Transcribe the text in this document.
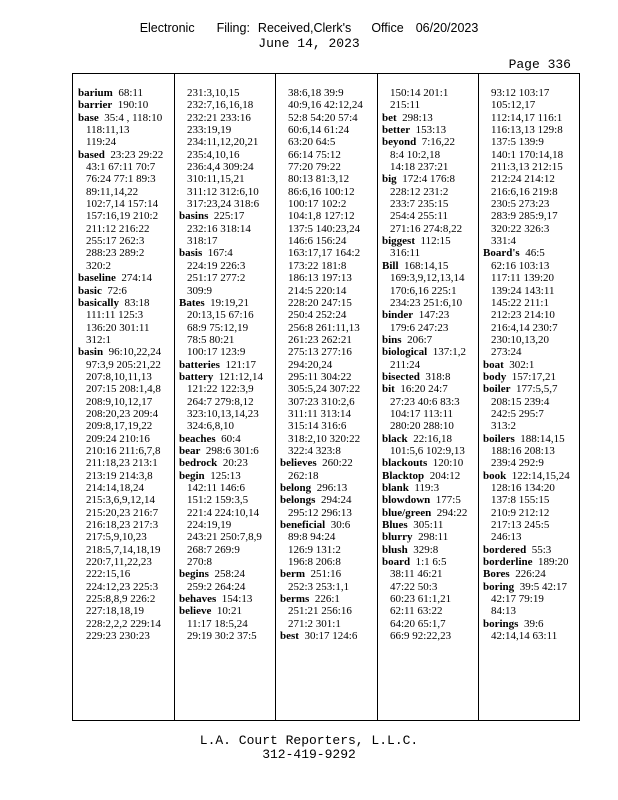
Electronic Filing: Received,Clerk's Office 06/20/2023
June 14, 2023
Page 336
barium 68:11
barrier 190:10
base 35:4 , 118:10
118:11,13
119:24
based 23:23 29:22
43:1 67:11 70:7
76:24 77:1 89:3
89:11,14,22
102:7,14 157:14
157:16,19 210:2
211:12 216:22
255:17 262:3
288:23 289:2
320:2
baseline 274:14
basic 72:6
basically 83:18
111:11 125:3
136:20 301:11
312:1
basin 96:10,22,24
97:3,9 205:21,22
207:8,10,11,13
207:15 208:1,4,8
208:9,10,12,17
208:20,23 209:4
209:8,17,19,22
209:24 210:16
210:16 211:6,7,8
211:18,23 213:1
213:19 214:3,8
214:14,18,24
215:3,6,9,12,14
215:20,23 216:7
216:18,23 217:3
217:5,9,10,23
218:5,7,14,18,19
220:7,11,22,23
222:15,16
224:12,23 225:3
225:8,8,9 226:2
227:18,18,19
228:2,2,2 229:14
229:23 230:23
231:3,10,15
232:7,16,16,18
232:21 233:16
233:19,19
234:11,12,20,21
235:4,10,16
236:4,4 309:24
310:11,15,21
311:12 312:6,10
317:23,24 318:6
basins 225:17
232:16 318:14
318:17
basis 167:4
224:19 226:3
251:17 277:2
309:9
Bates 19:19,21
20:13,15 67:16
68:9 75:12,19
78:5 80:21
100:17 123:9
batteries 121:17
battery 121:12,14
121:22 122:3,9
264:7 279:8,12
323:10,13,14,23
324:6,8,10
beaches 60:4
bear 298:6 301:6
bedrock 20:23
begin 125:13
142:11 146:6
151:2 159:3,5
221:4 224:10,14
224:19,19
243:21 250:7,8,9
268:7 269:9
270:8
begins 258:24
259:2 264:24
behaves 154:13
believe 10:21
11:17 18:5,24
29:19 30:2 37:5
38:6,18 39:9
40:9,16 42:12,24
52:8 54:20 57:4
60:6,14 61:24
63:20 64:5
66:14 75:12
77:20 79:22
80:13 81:3,12
86:6,16 100:12
100:17 102:2
104:1,8 127:12
137:5 140:23,24
146:6 156:24
163:17,17 164:2
173:22 181:8
186:13 197:13
214:5 220:14
228:20 247:15
250:4 252:24
256:8 261:11,13
261:23 262:21
275:13 277:16
294:20,24
295:11 304:22
305:5,24 307:22
307:23 310:2,6
311:11 313:14
315:14 316:6
318:2,10 320:22
322:4 323:8
believes 260:22
262:18
belong 296:13
belongs 294:24
295:12 296:13
beneficial 30:6
89:8 94:24
126:9 131:2
196:8 206:8
berm 251:16
252:3 253:1,1
berms 226:1
251:21 256:16
271:2 301:1
best 30:17 124:6
150:14 201:1
215:11
bet 298:13
better 153:13
beyond 7:16,22
8:4 10:2,18
14:18 237:21
big 172:4 176:8
228:12 231:2
233:7 235:15
254:4 255:11
271:16 274:8,22
biggest 112:15
316:11
Bill 168:14,15
169:3,9,12,13,14
170:6,16 225:1
234:23 251:6,10
binder 147:23
179:6 247:23
bins 206:7
biological 137:1,2
211:24
bisected 318:8
bit 16:20 24:7
27:23 40:6 83:3
104:17 113:11
280:20 288:10
black 22:16,18
101:5,6 102:9,13
blackouts 120:10
Blacktop 204:12
blank 119:3
blowdown 177:5
blue/green 294:22
Blues 305:11
blurry 298:11
blush 329:8
board 1:1 6:5
38:11 46:21
47:22 50:3
60:23 61:1,21
62:11 63:22
64:20 65:1,7
66:9 92:22,23
93:12 103:17
105:12,17
112:14,17 116:1
116:13,13 129:8
137:5 139:9
140:1 170:14,18
211:3,13 212:15
212:24 214:12
216:6,16 219:8
230:5 273:23
283:9 285:9,17
320:22 326:3
331:4
Board's 46:5
62:16 103:13
117:11 139:20
139:24 143:11
145:22 211:1
212:23 214:10
216:4,14 230:7
230:10,13,20
273:24
boat 302:1
body 157:17,21
boiler 177:5,5,7
208:15 239:4
242:5 295:7
313:2
boilers 188:14,15
188:16 208:13
239:4 292:9
book 122:14,15,24
128:16 134:20
137:8 155:15
210:9 212:12
217:13 245:5
246:13
bordered 55:3
borderline 189:20
Bores 226:24
boring 39:5 42:17
42:17 79:19
84:13
borings 39:6
42:14,14 63:11
L.A. Court Reporters, L.L.C.
312-419-9292
